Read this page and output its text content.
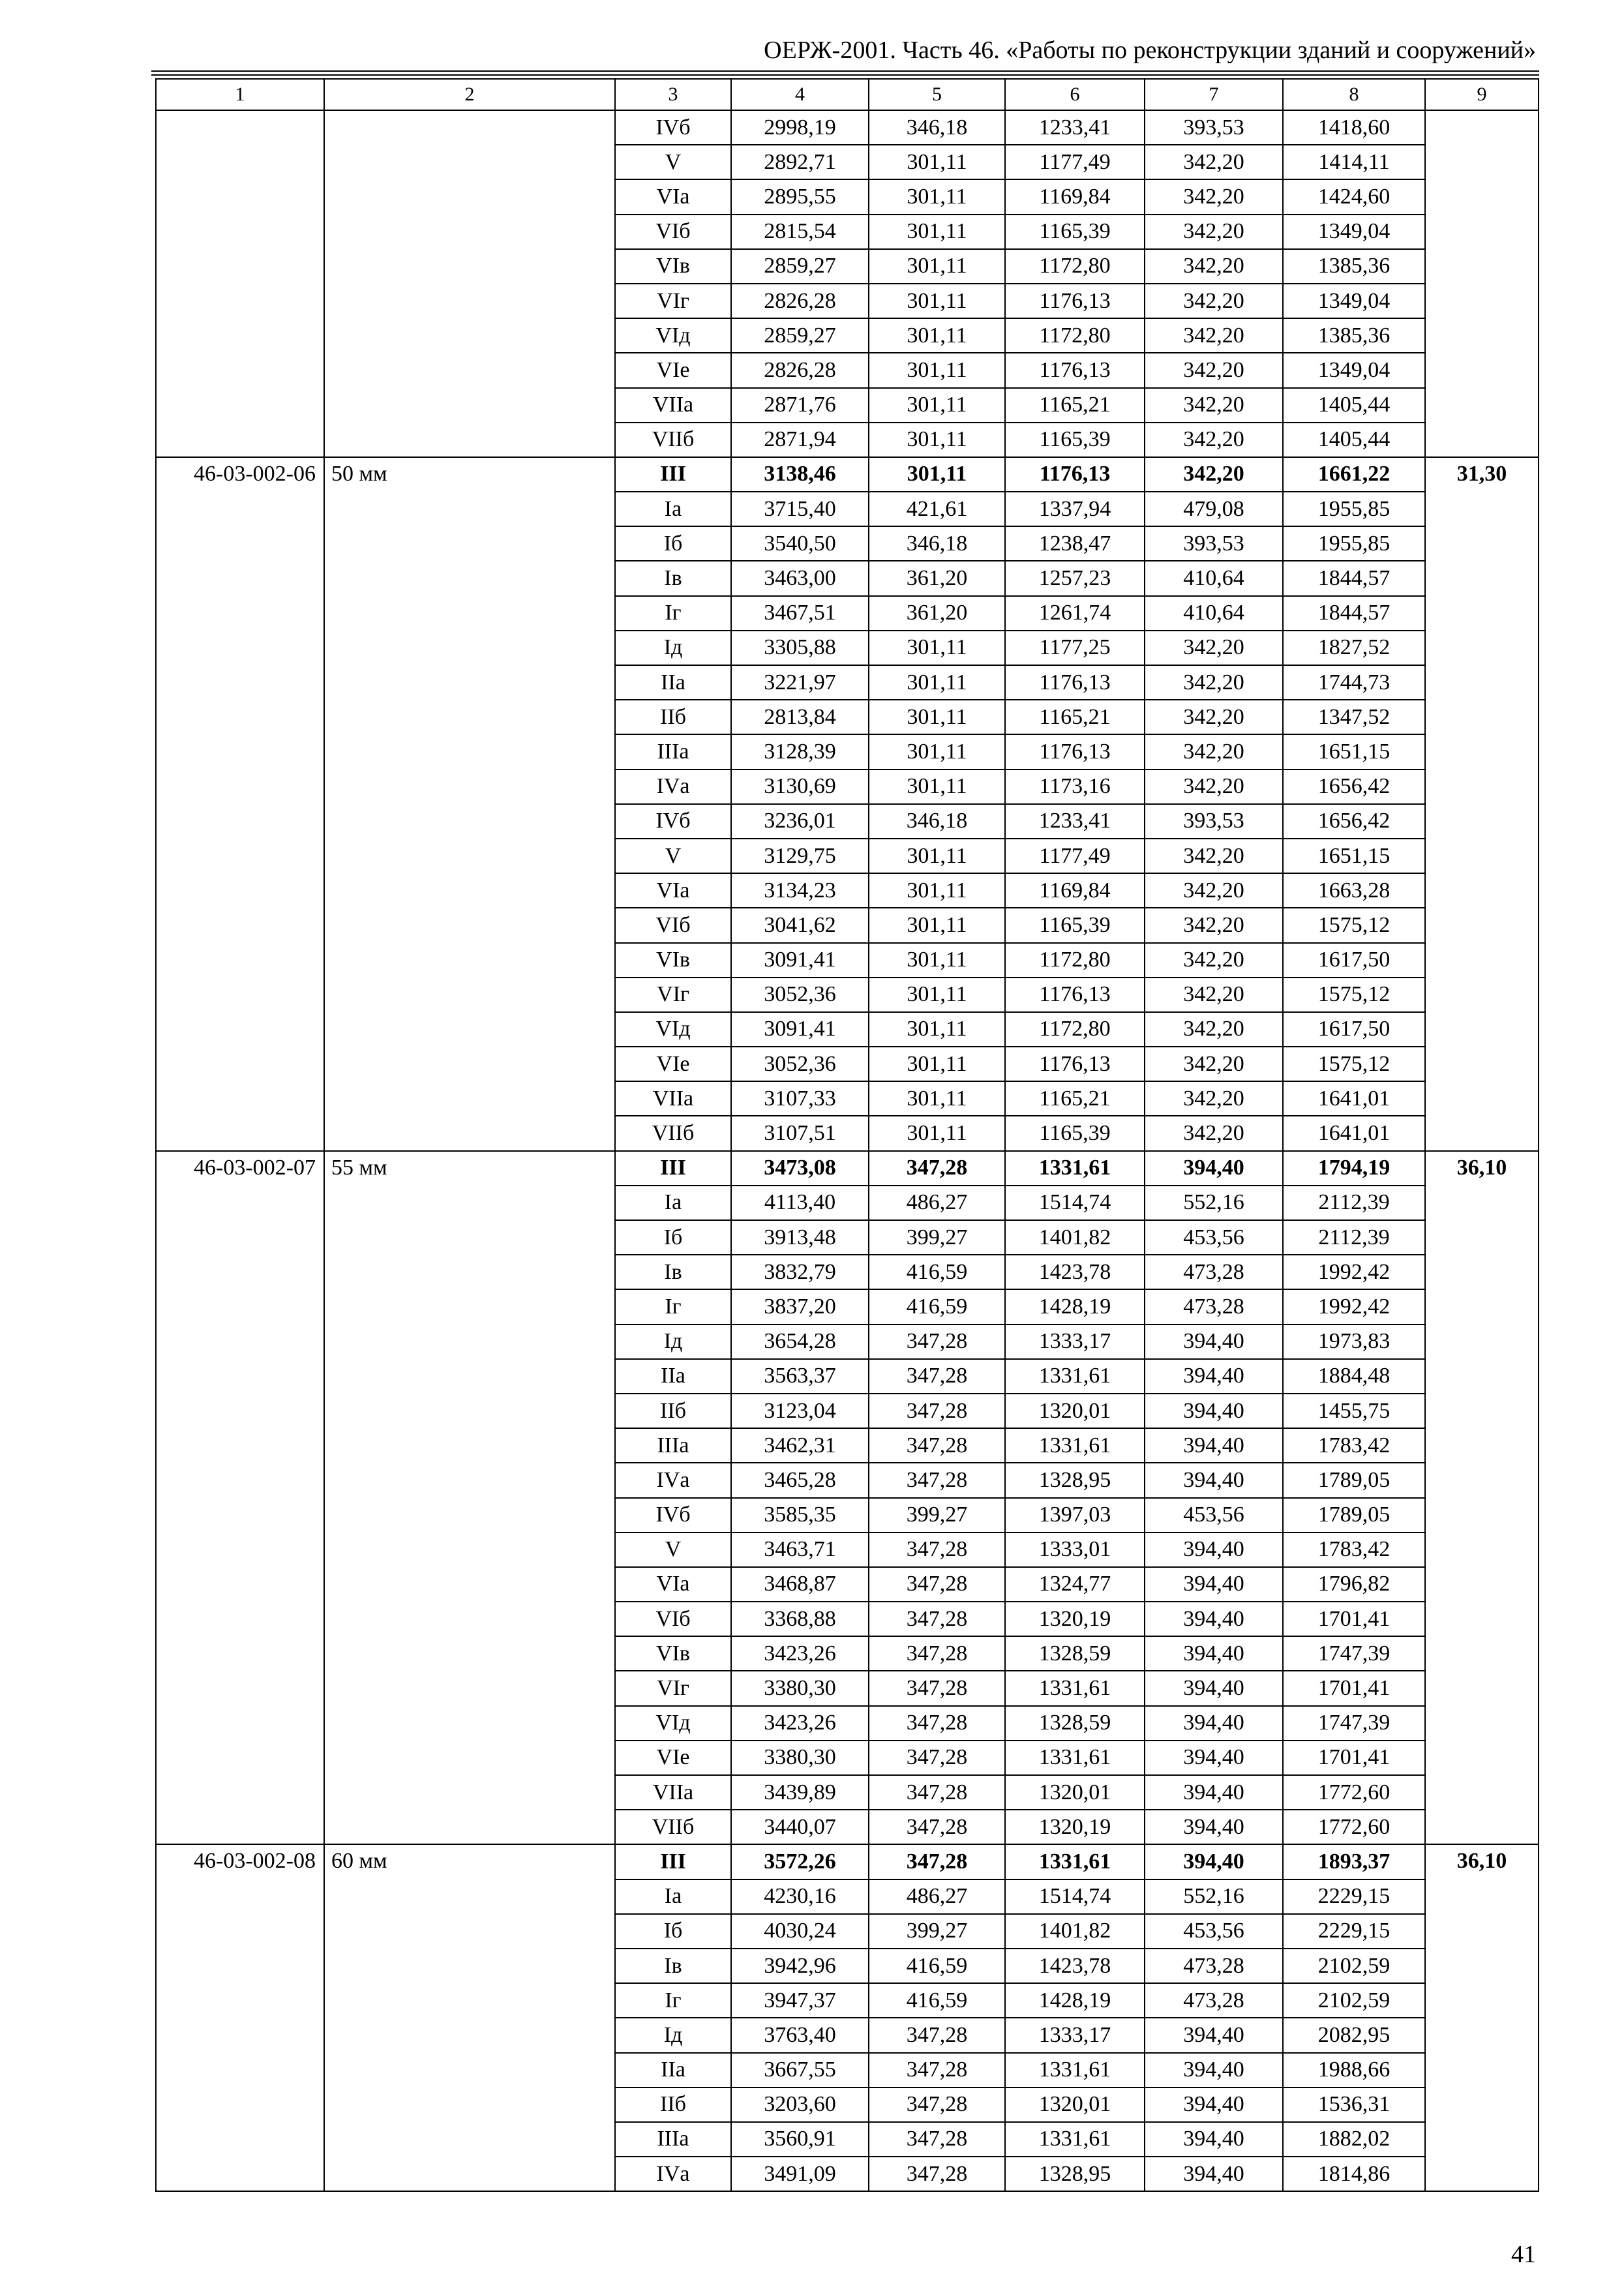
ОЕРЖ-2001. Часть 46. «Работы по реконструкции зданий и сооружений»
1	2	3	4	5	6	7	8	9
		IVб	2998,19	346,18	1233,41	393,53	1418,60	
		V	2892,71	301,11	1177,49	342,20	1414,11	
		VIа	2895,55	301,11	1169,84	342,20	1424,60	
		VIб	2815,54	301,11	1165,39	342,20	1349,04	
		VIв	2859,27	301,11	1172,80	342,20	1385,36	
		VIг	2826,28	301,11	1176,13	342,20	1349,04	
		VIд	2859,27	301,11	1172,80	342,20	1385,36	
		VIе	2826,28	301,11	1176,13	342,20	1349,04	
		VIIа	2871,76	301,11	1165,21	342,20	1405,44	
		VIIб	2871,94	301,11	1165,39	342,20	1405,44	
46-03-002-06	50 мм	III	3138,46	301,11	1176,13	342,20	1661,22	31,30
		Iа	3715,40	421,61	1337,94	479,08	1955,85	
		Iб	3540,50	346,18	1238,47	393,53	1955,85	
		Iв	3463,00	361,20	1257,23	410,64	1844,57	
		Iг	3467,51	361,20	1261,74	410,64	1844,57	
		Iд	3305,88	301,11	1177,25	342,20	1827,52	
		IIа	3221,97	301,11	1176,13	342,20	1744,73	
		IIб	2813,84	301,11	1165,21	342,20	1347,52	
		IIIа	3128,39	301,11	1176,13	342,20	1651,15	
		IVа	3130,69	301,11	1173,16	342,20	1656,42	
		IVб	3236,01	346,18	1233,41	393,53	1656,42	
		V	3129,75	301,11	1177,49	342,20	1651,15	
		VIа	3134,23	301,11	1169,84	342,20	1663,28	
		VIб	3041,62	301,11	1165,39	342,20	1575,12	
		VIв	3091,41	301,11	1172,80	342,20	1617,50	
		VIг	3052,36	301,11	1176,13	342,20	1575,12	
		VIд	3091,41	301,11	1172,80	342,20	1617,50	
		VIе	3052,36	301,11	1176,13	342,20	1575,12	
		VIIа	3107,33	301,11	1165,21	342,20	1641,01	
		VIIб	3107,51	301,11	1165,39	342,20	1641,01	
46-03-002-07	55 мм	III	3473,08	347,28	1331,61	394,40	1794,19	36,10
		Iа	4113,40	486,27	1514,74	552,16	2112,39	
		Iб	3913,48	399,27	1401,82	453,56	2112,39	
		Iв	3832,79	416,59	1423,78	473,28	1992,42	
		Iг	3837,20	416,59	1428,19	473,28	1992,42	
		Iд	3654,28	347,28	1333,17	394,40	1973,83	
		IIа	3563,37	347,28	1331,61	394,40	1884,48	
		IIб	3123,04	347,28	1320,01	394,40	1455,75	
		IIIа	3462,31	347,28	1331,61	394,40	1783,42	
		IVа	3465,28	347,28	1328,95	394,40	1789,05	
		IVб	3585,35	399,27	1397,03	453,56	1789,05	
		V	3463,71	347,28	1333,01	394,40	1783,42	
		VIа	3468,87	347,28	1324,77	394,40	1796,82	
		VIб	3368,88	347,28	1320,19	394,40	1701,41	
		VIв	3423,26	347,28	1328,59	394,40	1747,39	
		VIг	3380,30	347,28	1331,61	394,40	1701,41	
		VIд	3423,26	347,28	1328,59	394,40	1747,39	
		VIе	3380,30	347,28	1331,61	394,40	1701,41	
		VIIа	3439,89	347,28	1320,01	394,40	1772,60	
		VIIб	3440,07	347,28	1320,19	394,40	1772,60	
46-03-002-08	60 мм	III	3572,26	347,28	1331,61	394,40	1893,37	36,10
		Iа	4230,16	486,27	1514,74	552,16	2229,15	
		Iб	4030,24	399,27	1401,82	453,56	2229,15	
		Iв	3942,96	416,59	1423,78	473,28	2102,59	
		Iг	3947,37	416,59	1428,19	473,28	2102,59	
		Iд	3763,40	347,28	1333,17	394,40	2082,95	
		IIа	3667,55	347,28	1331,61	394,40	1988,66	
		IIб	3203,60	347,28	1320,01	394,40	1536,31	
		IIIа	3560,91	347,28	1331,61	394,40	1882,02	
		IVа	3491,09	347,28	1328,95	394,40	1814,86	
41
